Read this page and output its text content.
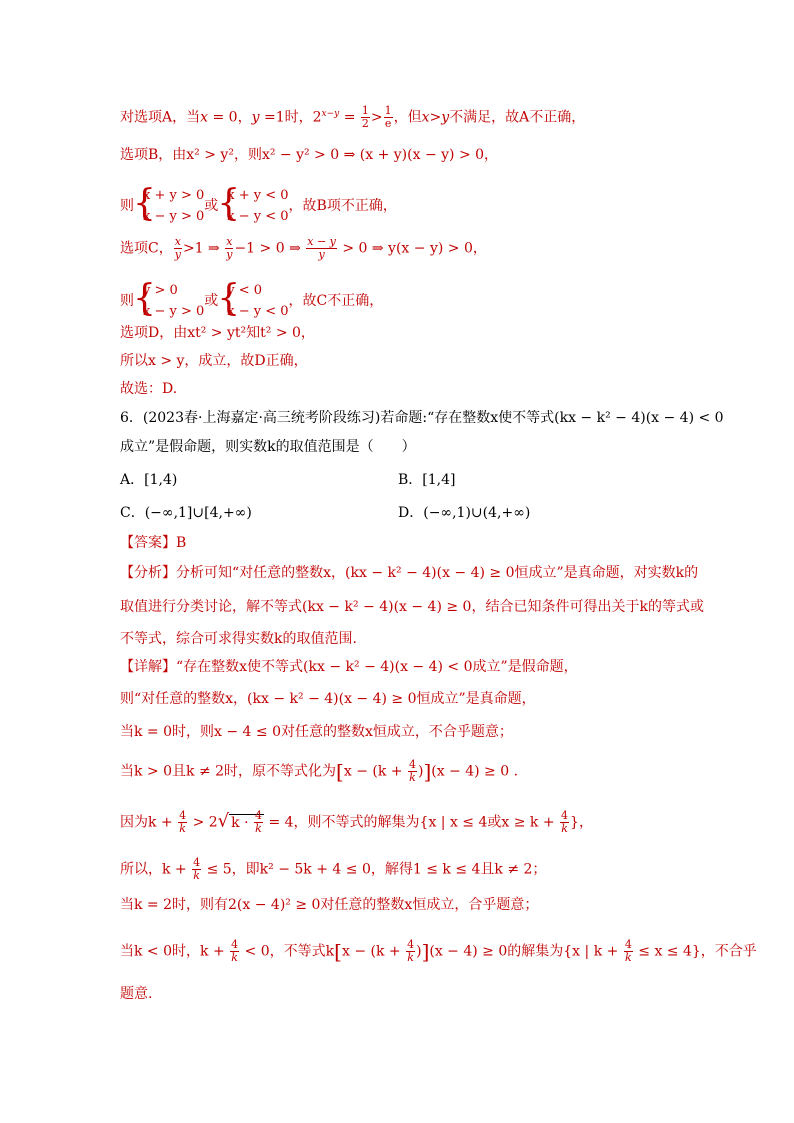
对选项A，当x = 0，y =1时，$2^{x-y} = \frac{1}{2} > \frac{1}{e}$ ，但x>y不满足，故A不正确，
选项B，由x² > y²，则x² − y² > 0 ⇒ (x + y)(x − y) > 0，
则
{ x + y > 0
x − y > 0
或
{ x + y < 0
x − y < 0
，故B项不正确，
选项C， $\frac{x}{y} >1$ ⇒ $\frac{x}{y} -1 > 0$ ⇒ $\frac{x - y}{y} > 0$ ⇒ y(x − y) > 0，
则
{ y > 0
x − y > 0
或
{ y < 0
x − y < 0
，故C不正确，
选项D，由xt² > yt²知t² > 0，
所以x > y，成立，故D正确，
故选：D.
6．(2023春·上海嘉定·高三统考阶段练习)若命题:“存在整数x使不等式(kx − k² − 4)(x − 4) < 0
成立”是假命题，则实数k的取值范围是（　　）
A．[1,4)	B．[1,4]
C．(−∞,1]∪[4,+∞)	D．(−∞,1)∪(4,+∞)
【答案】B
【分析】分析可知“对任意的整数x，(kx − k² − 4)(x − 4) ≥ 0恒成立”是真命题，对实数k的
取值进行分类讨论，解不等式(kx − k² − 4)(x − 4) ≥ 0，结合已知条件可得出关于k的等式或
不等式，综合可求得实数k的取值范围.
【详解】“存在整数x使不等式(kx − k² − 4)(x − 4) < 0成立”是假命题，
则“对任意的整数x，(kx − k² − 4)(x − 4) ≥ 0恒成立”是真命题，
当k = 0时，则x − 4 ≤ 0对任意的整数x恒成立，不合乎题意；
当k > 0且k ≠ 2时，原不等式化为$[x - (k + \frac{4}{k} )](x - 4) \ge 0$ .
因为$k + \frac{4}{k} > 2√$ $k \cdot \frac{4}{k} = 4$，则不等式的解集为{x | x ≤ 4或$x \ge k + \frac{4}{k}$ }，
所以，$k + \frac{4}{k} \le 5$，即k² − 5k + 4 ≤ 0，解得1 ≤ k ≤ 4且k ≠ 2；
当k = 2时，则有2(x − 4)² ≥ 0对任意的整数x恒成立，合乎题意；
当k < 0时，$k + \frac{4}{k} < 0$，不等式$k[x - (k + \frac{4}{k} )](x - 4) \ge 0$的解集为{x | $k + \frac{4}{k} \le x \le 4$}，不合乎
题意.
